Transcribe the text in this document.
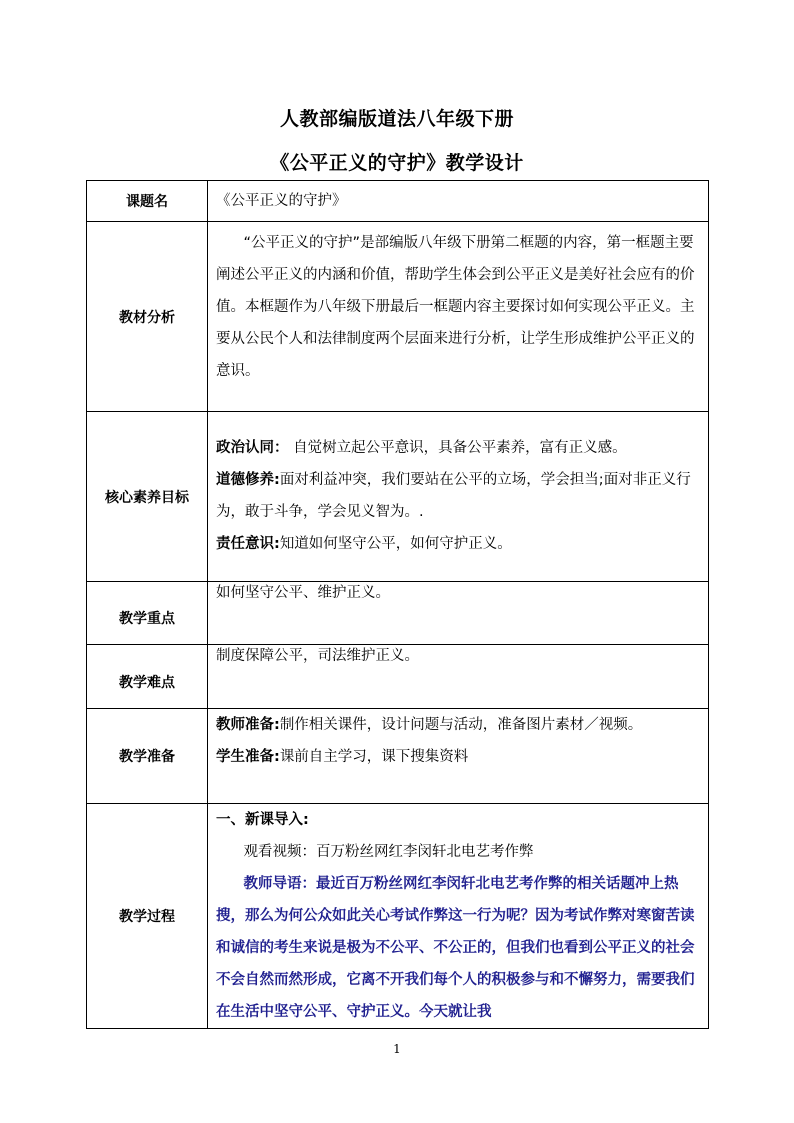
人教部编版道法八年级下册
《公平正义的守护》教学设计
课题名	《公平正义的守护》
教材分析	“公平正义的守护”是部编版八年级下册第二框题的内容，第一框题主要阐述公平正义的内涵和价值，帮助学生体会到公平正义是美好社会应有的价值。本框题作为八年级下册最后一框题内容主要探讨如何实现公平正义。主要从公民个人和法律制度两个层面来进行分析，让学生形成维护公平正义的意识。

核心素养目标	政治认同： 自觉树立起公平意识，具备公平素养，富有正义感。

道德修养:面对利益冲突，我们要站在公平的立场，学会担当;面对非正义行为，敢于斗争，学会见义智为。.

责任意识:知道如何坚守公平，如何守护正义。

教学重点	如何坚守公平、维护正义。
教学难点	制度保障公平，司法维护正义。
教学准备	教师准备:制作相关课件，设计问题与活动，准备图片素材／视频。

学生准备:课前自主学习，课下搜集资料

教学过程	一、新课导入:

观看视频：百万粉丝网红李闵轩北电艺考作弊

教师导语：最近百万粉丝网红李闵轩北电艺考作弊的相关话题冲上热搜，那么为何公众如此关心考试作弊这一行为呢？因为考试作弊对寒窗苦读和诚信的考生来说是极为不公平、不公正的，但我们也看到公平正义的社会不会自然而然形成，它离不开我们每个人的积极参与和不懈努力，需要我们在生活中坚守公平、守护正义。今天就让我

1
